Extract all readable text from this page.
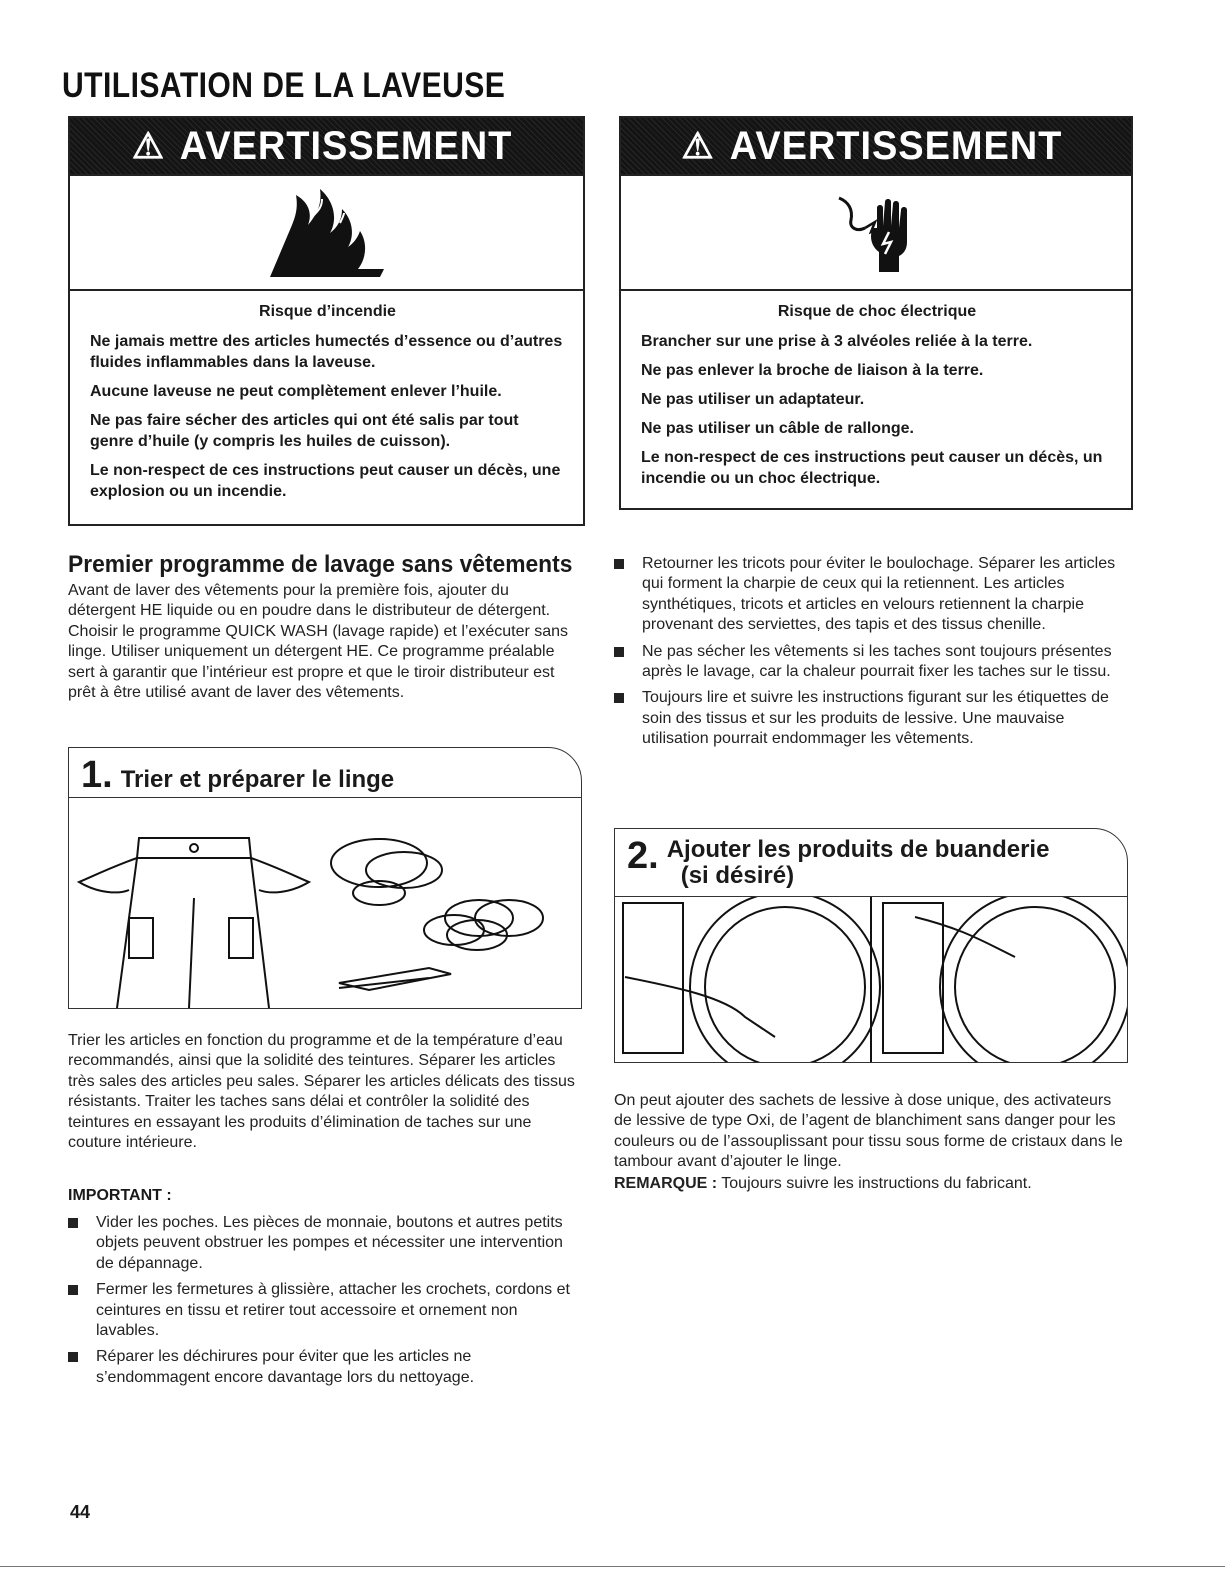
UTILISATION DE LA LAVEUSE
⚠ AVERTISSEMENT

Risque d’incendie

Ne jamais mettre des articles humectés d’essence ou d’autres fluides inflammables dans la laveuse.

Aucune laveuse ne peut complètement enlever l’huile.

Ne pas faire sécher des articles qui ont été salis par tout genre d’huile (y compris les huiles de cuisson).

Le non-respect de ces instructions peut causer un décès, une explosion ou un incendie.

⚠ AVERTISSEMENT

Risque de choc électrique

Brancher sur une prise à 3 alvéoles reliée à la terre.

Ne pas enlever la broche de liaison à la terre.

Ne pas utiliser un adaptateur.

Ne pas utiliser un câble de rallonge.

Le non-respect de ces instructions peut causer un décès, un incendie ou un choc électrique.

Premier programme de lavage sans vêtements
Avant de laver des vêtements pour la première fois, ajouter du détergent HE liquide ou en poudre dans le distributeur de détergent. Choisir le programme QUICK WASH (lavage rapide) et l’exécuter sans linge. Utiliser uniquement un détergent HE. Ce programme préalable sert à garantir que l’intérieur est propre et que le tiroir distributeur est prêt à être utilisé avant de laver des vêtements.
1. Trier et préparer le linge
Trier les articles en fonction du programme et de la température d’eau recommandés, ainsi que la solidité des teintures. Séparer les articles très sales des articles peu sales. Séparer les articles délicats des tissus résistants. Traiter les taches sans délai et contrôler la solidité des teintures en essayant les produits d’élimination de taches sur une couture intérieure.
IMPORTANT :
Vider les poches. Les pièces de monnaie, boutons et autres petits objets peuvent obstruer les pompes et nécessiter une intervention de dépannage.
Fermer les fermetures à glissière, attacher les crochets, cordons et ceintures en tissu et retirer tout accessoire et ornement non lavables.
Réparer les déchirures pour éviter que les articles ne s’endommagent encore davantage lors du nettoyage.
Retourner les tricots pour éviter le boulochage. Séparer les articles qui forment la charpie de ceux qui la retiennent. Les articles synthétiques, tricots et articles en velours retiennent la charpie provenant des serviettes, des tapis et des tissus chenille.
Ne pas sécher les vêtements si les taches sont toujours présentes après le lavage, car la chaleur pourrait fixer les taches sur le tissu.
Toujours lire et suivre les instructions figurant sur les étiquettes de soin des tissus et sur les produits de lessive. Une mauvaise utilisation pourrait endommager les vêtements.
2. Ajouter les produits de buanderie
(si désiré)
On peut ajouter des sachets de lessive à dose unique, des activateurs de lessive de type Oxi, de l’agent de blanchiment sans danger pour les couleurs ou de l’assouplissant pour tissu sous forme de cristaux dans le tambour avant d’ajouter le linge.
REMARQUE : Toujours suivre les instructions du fabricant.
44
